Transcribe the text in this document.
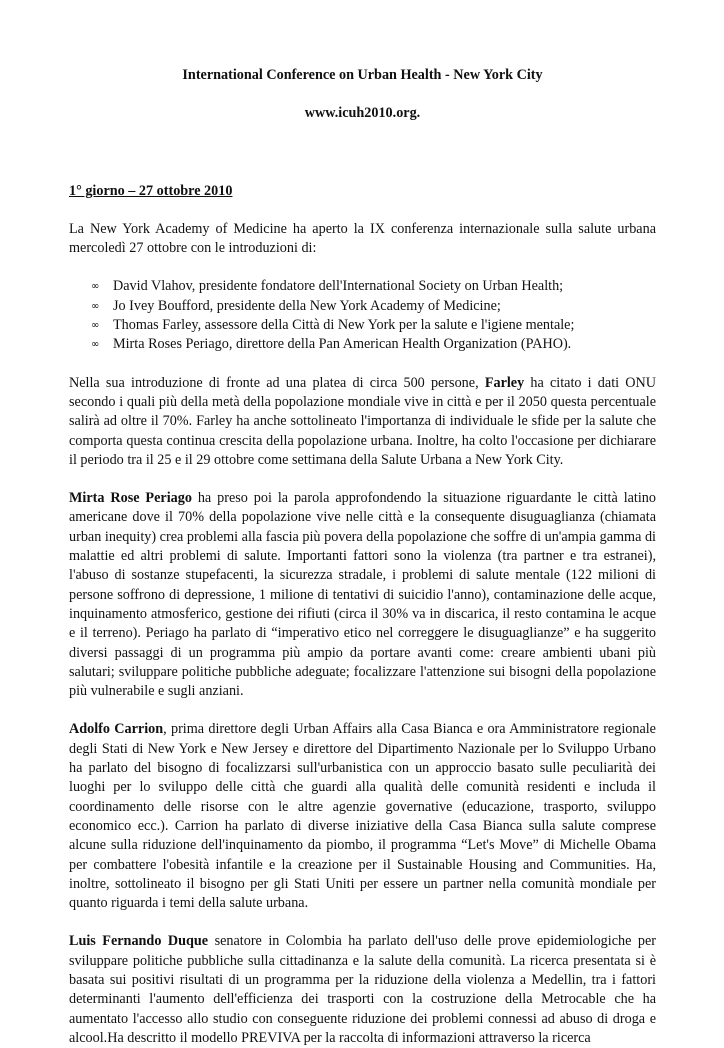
International Conference on Urban Health - New York City

www.icuh2010.org.

1° giorno – 27 ottobre 2010

La New York Academy of Medicine ha aperto la IX conferenza internazionale sulla salute urbana mercoledì 27 ottobre con le introduzioni di:

∞ David Vlahov, presidente fondatore dell'International Society on Urban Health;
∞ Jo Ivey Boufford, presidente della New York Academy of Medicine;
∞ Thomas Farley, assessore della Città di New York per la salute e l'igiene mentale;
∞ Mirta Roses Periago, direttore della Pan American Health Organization (PAHO).

Nella sua introduzione di fronte ad una platea di circa 500 persone, Farley ha citato i dati ONU secondo i quali più della metà della popolazione mondiale vive in città e per il 2050 questa percentuale salirà ad oltre il 70%. Farley ha anche sottolineato l'importanza di individuale le sfide per la salute che comporta questa continua crescita della popolazione urbana. Inoltre, ha colto l'occasione per dichiarare il periodo tra il 25 e il 29 ottobre come settimana della Salute Urbana a New York City.

Mirta Rose Periago ha preso poi la parola approfondendo la situazione riguardante le città latino americane dove il 70% della popolazione vive nelle città e la consequente disuguaglianza (chiamata urban inequity) crea problemi alla fascia più povera della popolazione che soffre di un'ampia gamma di malattie ed altri problemi di salute. Importanti fattori sono la violenza (tra partner e tra estranei), l'abuso di sostanze stupefacenti, la sicurezza stradale, i problemi di salute mentale (122 milioni di persone soffrono di depressione, 1 milione di tentativi di suicidio l'anno), contaminazione delle acque, inquinamento atmosferico, gestione dei rifiuti (circa il 30% va in discarica, il resto contamina le acque e il terreno). Periago ha parlato di “imperativo etico nel correggere le disuguaglianze” e ha suggerito diversi passaggi di un programma più ampio da portare avanti come: creare ambienti ubani più salutari; sviluppare politiche pubbliche adeguate; focalizzare l'attenzione sui bisogni della popolazione più vulnerabile e sugli anziani.

Adolfo Carrion, prima direttore degli Urban Affairs alla Casa Bianca e ora Amministratore regionale degli Stati di New York e New Jersey e direttore del Dipartimento Nazionale per lo Sviluppo Urbano ha parlato del bisogno di focalizzarsi sull'urbanistica con un approccio basato sulle peculiarità dei luoghi per lo sviluppo delle città che guardi alla qualità delle comunità residenti e includa il coordinamento delle risorse con le altre agenzie governative (educazione, trasporto, sviluppo economico ecc.). Carrion ha parlato di diverse iniziative della Casa Bianca sulla salute comprese alcune sulla riduzione dell'inquinamento da piombo, il programma “Let's Move” di Michelle Obama per combattere l'obesità infantile e la creazione per il Sustainable Housing and Communities. Ha, inoltre, sottolineato il bisogno per gli Stati Uniti per essere un partner nella comunità mondiale per quanto riguarda i temi della salute urbana.

Luis Fernando Duque senatore in Colombia ha parlato dell'uso delle prove epidemiologiche per sviluppare politiche pubbliche sulla cittadinanza e la salute della comunità. La ricerca presentata si è basata sui positivi risultati di un programma per la riduzione della violenza a Medellin, tra i fattori determinanti l'aumento dell'efficienza dei trasporti con la costruzione della Metrocable che ha aumentato l'accesso allo studio con conseguente riduzione dei problemi connessi ad abuso di droga e alcool.Ha descritto il modello PREVIVA per la raccolta di informazioni attraverso la ricerca
